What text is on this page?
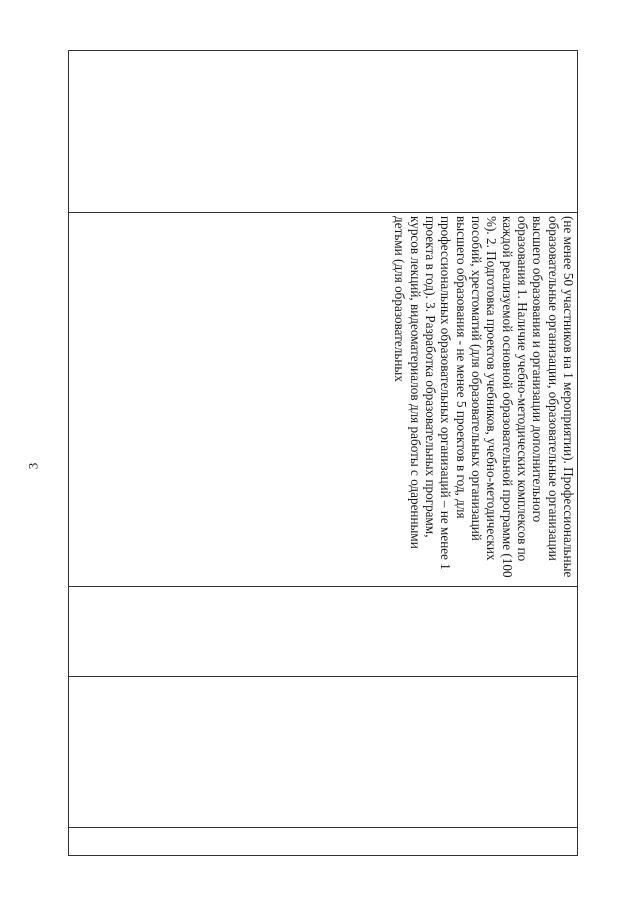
3
(не менее 50 участников на 1 мероприятии). Профессиональные образовательные организации, образовательные организации высшего образования и организации дополнительного образования 1. Наличие учебно-методических комплексов по каждой реализуемой основной образовательной программе (100 %). 2. Подготовка проектов учебников, учебно-методических пособий, хрестоматий (для образовательных организаций высшего образования - не менее 5 проектов в год, для профессиональных образовательных организаций – не менее 1 проекта в год). 3. Разработка образовательных программ, курсов лекций, видеоматериалов для работы с одаренными детьми (для образовательных
